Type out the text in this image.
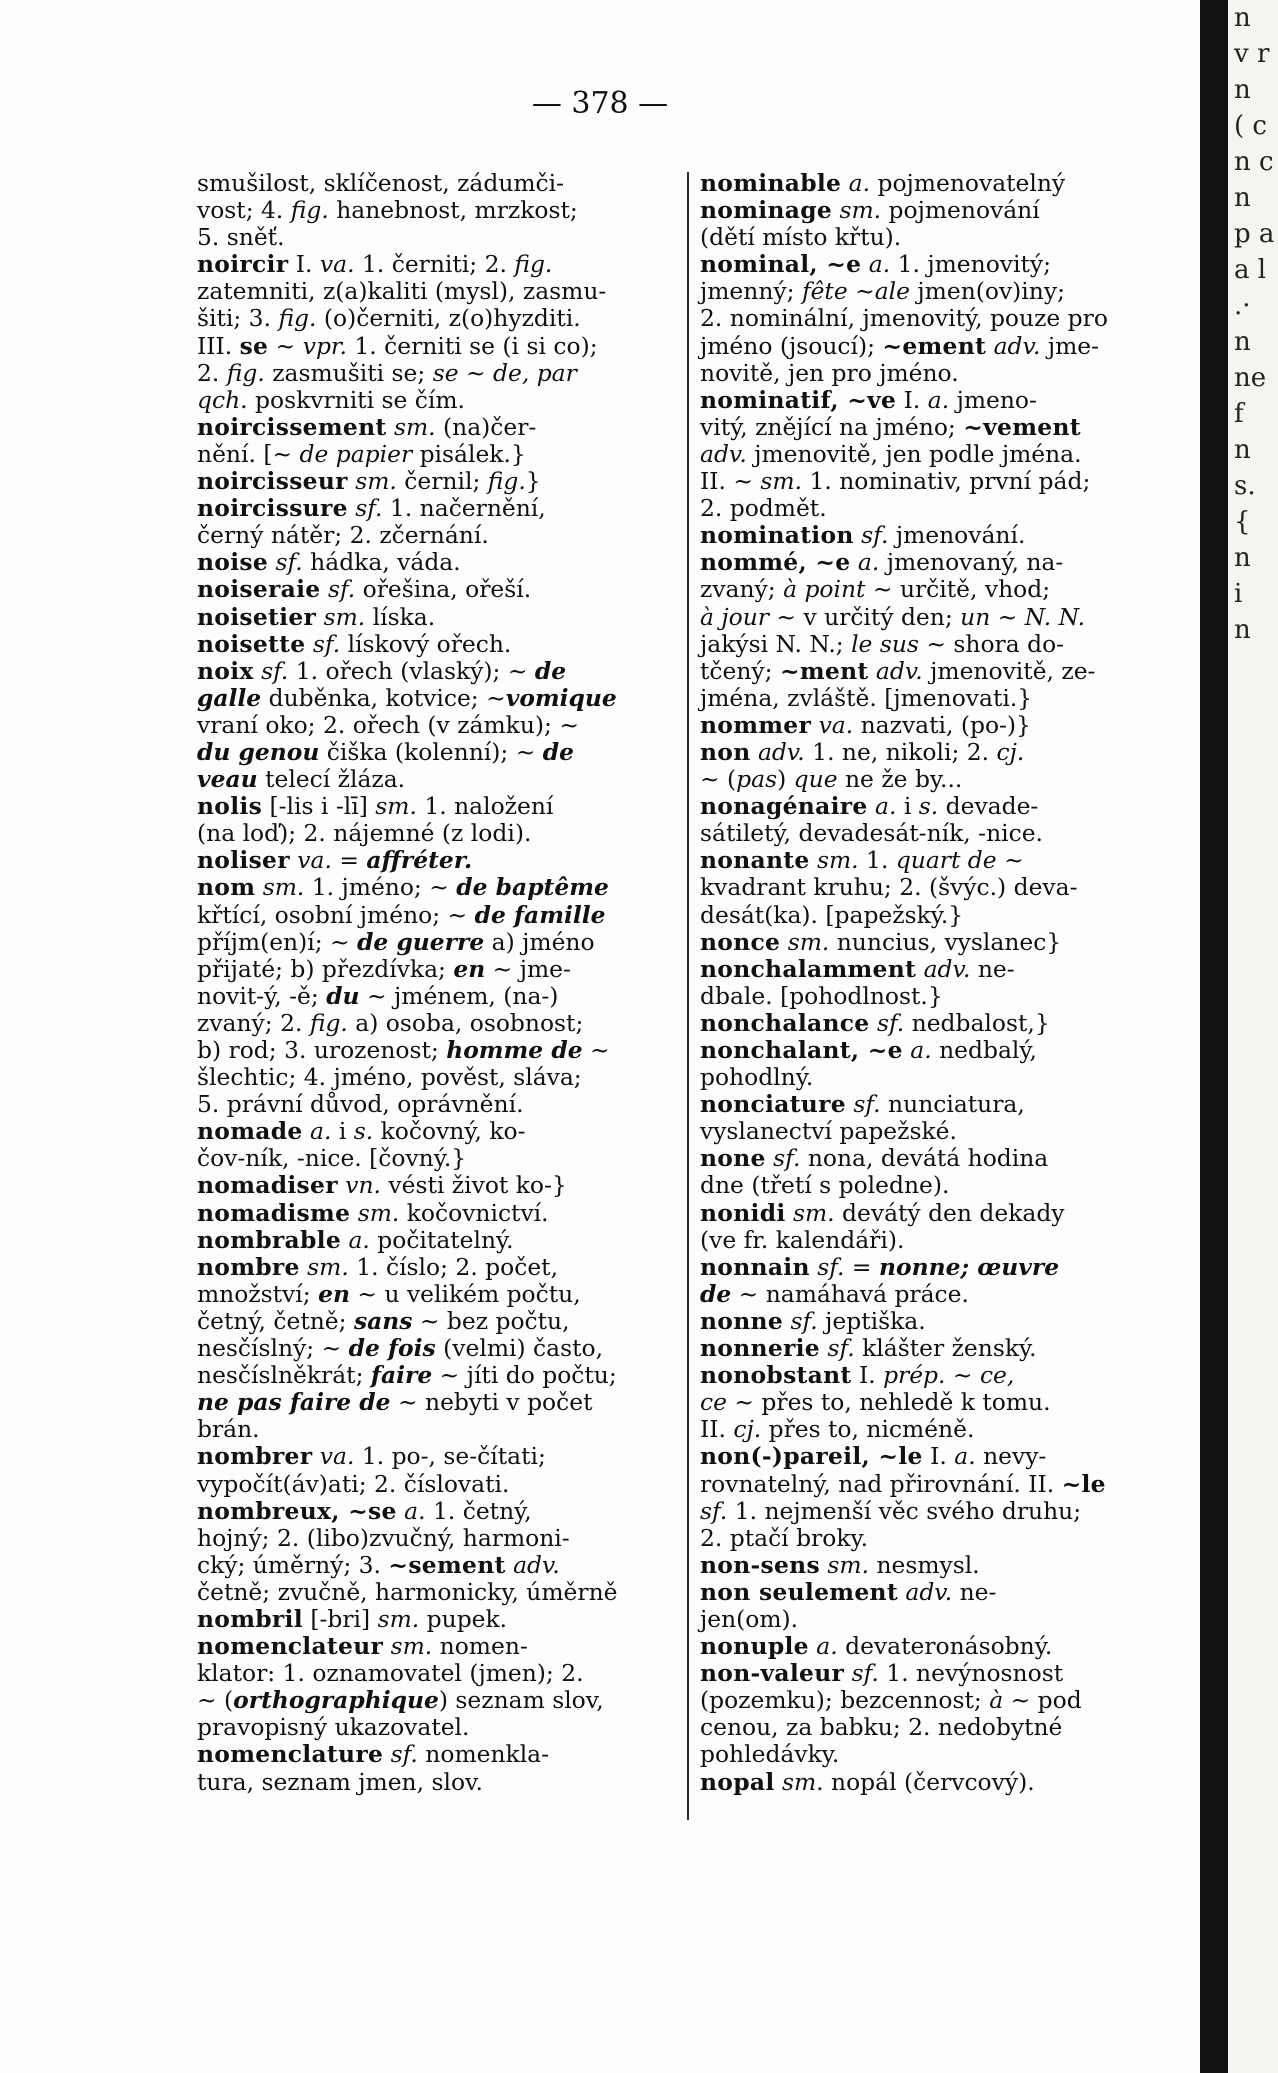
— 378 —
smušilost, sklíčenost, zádumči-
vost; 4. fig. hanebnost, mrzkost;
5. sněť.
noircir I. va. 1. černiti; 2. fig.
zatemniti, z(a)kaliti (mysl), zasmu-
šiti; 3. fig. (o)černiti, z(o)hyzditi.
III. se ~ vpr. 1. černiti se (i si co);
2. fig. zasmušiti se; se ~ de, par
qch. poskvrniti se čím.
noircissement sm. (na)čer-
nění. [~ de papier pisálek.}
noircisseur sm. černil; fig.}
noircissure sf. 1. načernění,
černý nátěr; 2. zčernání.
noise sf. hádka, váda.
noiseraie sf. ořešina, ořeší.
noisetier sm. líska.
noisette sf. lískový ořech.
noix sf. 1. ořech (vlaský); ~ de
galle duběnka, kotvice; ~vomique
vraní oko; 2. ořech (v zámku); ~
du genou čiška (kolenní); ~ de
veau telecí žláza.
nolis [-lis i -lī] sm. 1. naložení
(na loď); 2. nájemné (z lodi).
noliser va. = affréter.
nom sm. 1. jméno; ~ de baptême
křtící, osobní jméno; ~ de famille
příjm(en)í; ~ de guerre a) jméno
přijaté; b) přezdívka; en ~ jme-
novit-ý, -ě; du ~ jménem, (na-)
zvaný; 2. fig. a) osoba, osobnost;
b) rod; 3. urozenost; homme de ~
šlechtic; 4. jméno, pověst, sláva;
5. právní důvod, oprávnění.
nomade a. i s. kočovný, ko-
čov-ník, -nice. [čovný.}
nomadiser vn. vésti život ko-}
nomadisme sm. kočovnictví.
nombrable a. počitatelný.
nombre sm. 1. číslo; 2. počet,
množství; en ~ u velikém počtu,
četný, četně; sans ~ bez počtu,
nesčíslný; ~ de fois (velmi) často,
nesčíslněkrát; faire ~ jíti do počtu;
ne pas faire de ~ nebyti v počet
brán.
nombrer va. 1. po-, se-čítati;
vypočít(áv)ati; 2. číslovati.
nombreux, ~se a. 1. četný,
hojný; 2. (libo)zvučný, harmoni-
cký; úměrný; 3. ~sement adv.
četně; zvučně, harmonicky, úměrně
nombril [-bri] sm. pupek.
nomenclateur sm. nomen-
klator: 1. oznamovatel (jmen); 2.
~ (orthographique) seznam slov,
pravopisný ukazovatel.
nomenclature sf. nomenkla-
tura, seznam jmen, slov.
nominable a. pojmenovatelný
nominage sm. pojmenování
(dětí místo křtu).
nominal, ~e a. 1. jmenovitý;
jmenný; fête ~ale jmen(ov)iny;
2. nominální, jmenovitý, pouze pro
jméno (jsoucí); ~ement adv. jme-
novitě, jen pro jméno.
nominatif, ~ve I. a. jmeno-
vitý, znějící na jméno; ~vement
adv. jmenovitě, jen podle jména.
II. ~ sm. 1. nominativ, první pád;
2. podmět.
nomination sf. jmenování.
nommé, ~e a. jmenovaný, na-
zvaný; à point ~ určitě, vhod;
à jour ~ v určitý den; un ~ N. N.
jakýsi N. N.; le sus ~ shora do-
tčený; ~ment adv. jmenovitě, ze-
jména, zvláště. [jmenovati.}
nommer va. nazvati, (po-)}
non adv. 1. ne, nikoli; 2. cj.
~ (pas) que ne že by...
nonagénaire a. i s. devade-
sátiletý, devadesát-ník, -nice.
nonante sm. 1. quart de ~
kvadrant kruhu; 2. (švýc.) deva-
desát(ka). [papežský.}
nonce sm. nuncius, vyslanec}
nonchalamment adv. ne-
dbale. [pohodlnost.}
nonchalance sf. nedbalost,}
nonchalant, ~e a. nedbalý,
pohodlný.
nonciature sf. nunciatura,
vyslanectví papežské.
none sf. nona, devátá hodina
dne (třetí s poledne).
nonidi sm. devátý den dekady
(ve fr. kalendáři).
nonnain sf. = nonne; œuvre
de ~ namáhavá práce.
nonne sf. jeptiška.
nonnerie sf. klášter ženský.
nonobstant I. prép. ~ ce,
ce ~ přes to, nehledě k tomu.
II. cj. přes to, nicméně.
non(-)pareil, ~le I. a. nevy-
rovnatelný, nad přirovnání. II. ~le
sf. 1. nejmenší věc svého druhu;
2. ptačí broky.
non-sens sm. nesmysl.
non seulement adv. ne-
jen(om).
nonuple a. devateronásobný.
non-valeur sf. 1. nevýnosnost
(pozemku); bezcennost; à ~ pod
cenou, za babku; 2. nedobytné
pohledávky.
nopal sm. nopál (červcový).
n
v r
n
( c
n c
n
p a
a l
.·
n
ne
f
n
s.
{
n
i
n
